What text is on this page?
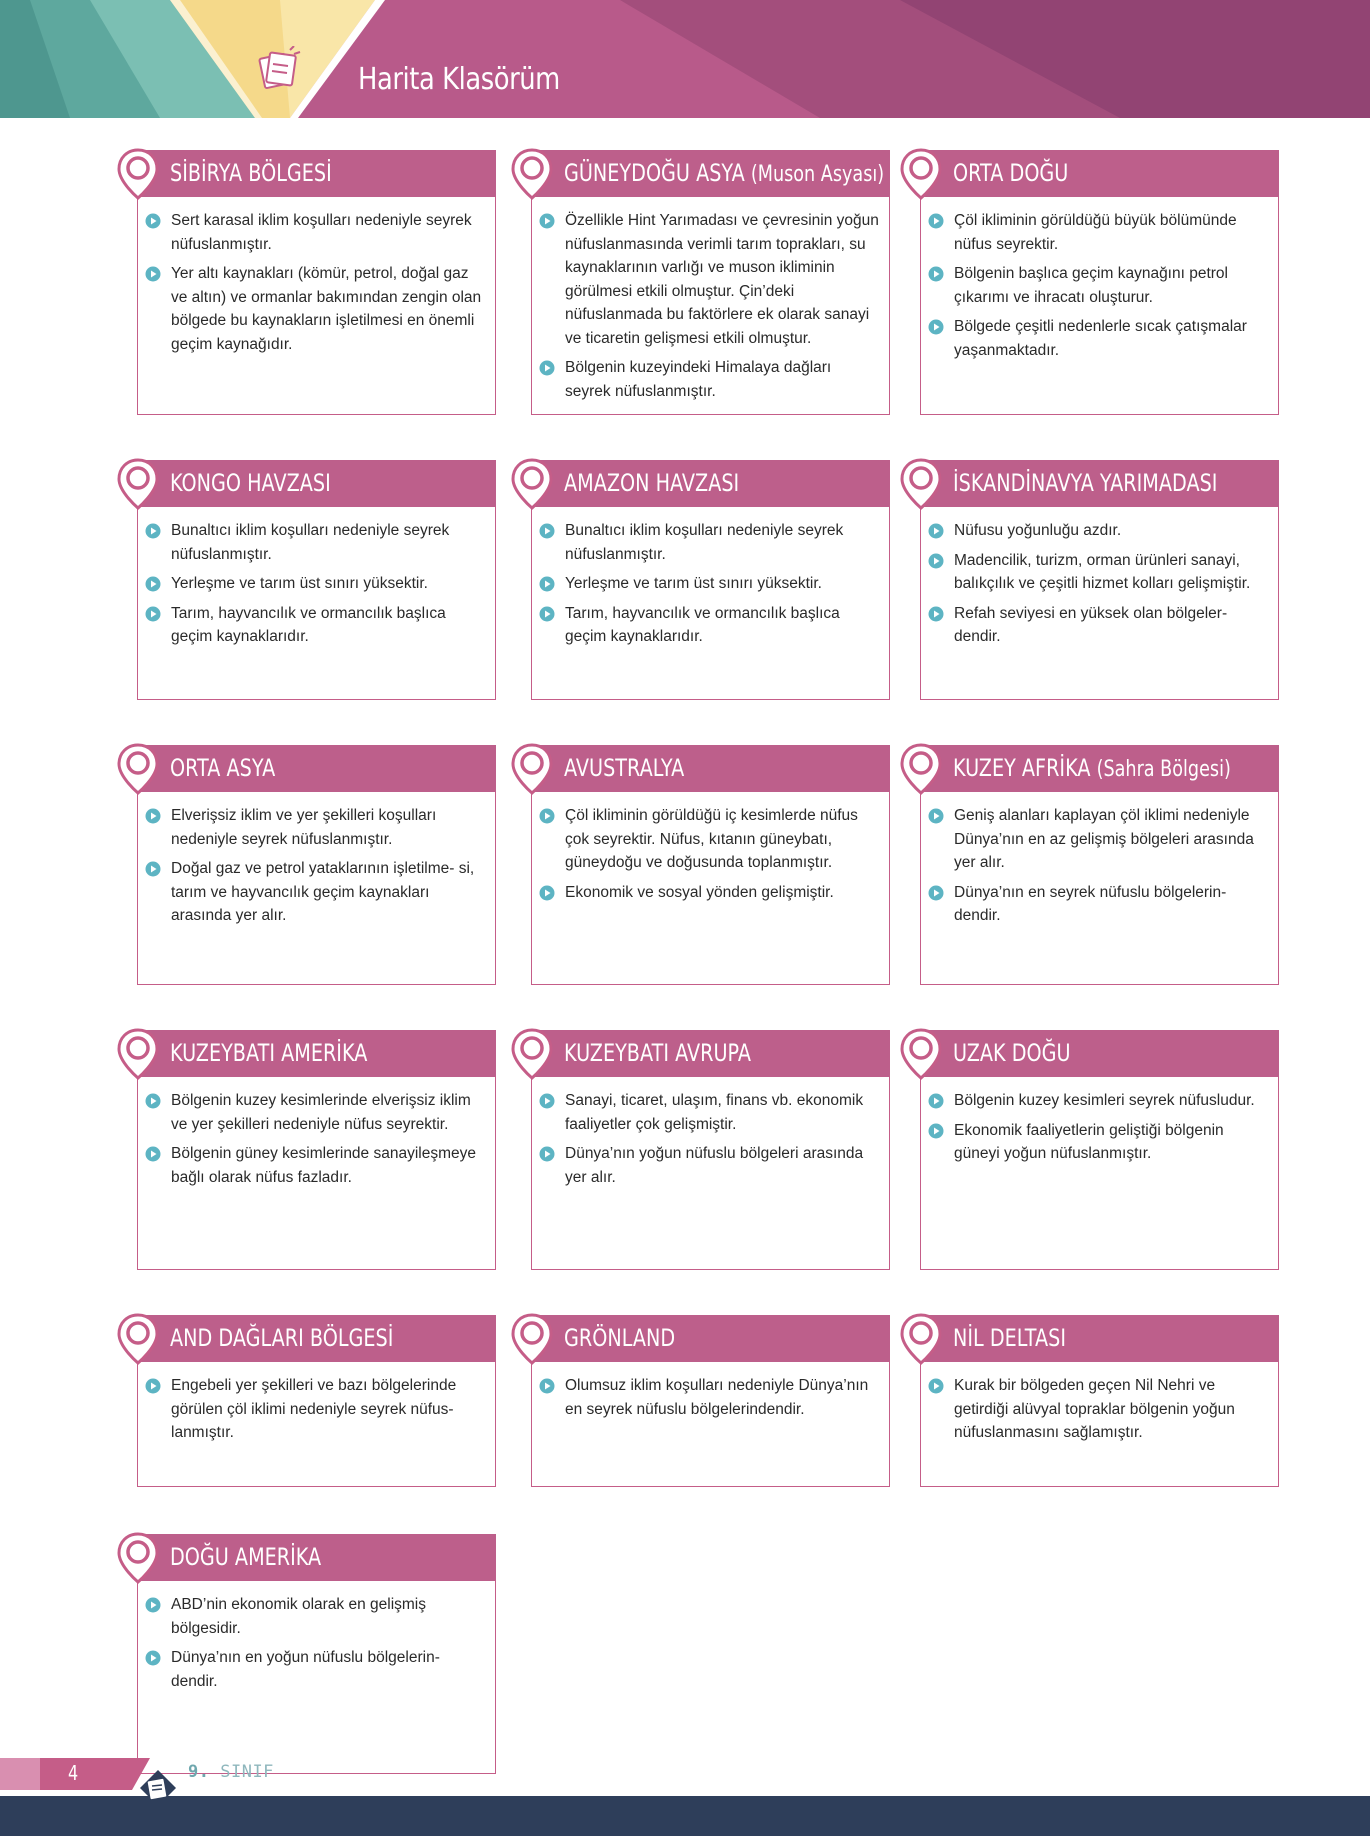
Harita Klasörüm
SİBİRYA BÖLGESİ
Sert karasal iklim koşulları nedeniyle seyrek nüfuslanmıştır.
Yer altı kaynakları (kömür, petrol, doğal gaz ve altın) ve ormanlar bakımından zengin olan bölgede bu kaynakların işletilmesi en önemli geçim kaynağıdır.
GÜNEYDOĞU ASYA (Muson Asyası)
Özellikle Hint Yarımadası ve çevresinin yoğun nüfuslanmasında verimli tarım toprakları, su kaynaklarının varlığı ve muson ikliminin görülmesi etkili olmuştur. Çin’deki nüfuslanmada bu faktörlere ek olarak sanayi ve ticaretin gelişmesi etkili olmuştur.
Bölgenin kuzeyindeki Himalaya dağları seyrek nüfuslanmıştır.
ORTA DOĞU
Çöl ikliminin görüldüğü büyük bölümünde nüfus seyrektir.
Bölgenin başlıca geçim kaynağını petrol çıkarımı ve ihracatı oluşturur.
Bölgede çeşitli nedenlerle sıcak çatışmalar yaşanmaktadır.
KONGO HAVZASI
Bunaltıcı iklim koşulları nedeniyle seyrek nüfuslanmıştır.
Yerleşme ve tarım üst sınırı yüksektir.
Tarım, hayvancılık ve ormancılık başlıca geçim kaynaklarıdır.
AMAZON HAVZASI
Bunaltıcı iklim koşulları nedeniyle seyrek nüfuslanmıştır.
Yerleşme ve tarım üst sınırı yüksektir.
Tarım, hayvancılık ve ormancılık başlıca geçim kaynaklarıdır.
İSKANDİNAVYA YARIMADASI
Nüfusu yoğunluğu azdır.
Madencilik, turizm, orman ürünleri sanayi, balıkçılık ve çeşitli hizmet kolları gelişmiştir.
Refah seviyesi en yüksek olan bölgeler- dendir.
ORTA ASYA
Elverişsiz iklim ve yer şekilleri koşulları nedeniyle seyrek nüfuslanmıştır.
Doğal gaz ve petrol yataklarının işletilme- si, tarım ve hayvancılık geçim kaynakları arasında yer alır.
AVUSTRALYA
Çöl ikliminin görüldüğü iç kesimlerde nüfus çok seyrektir. Nüfus, kıtanın güneybatı, güneydoğu ve doğusunda toplanmıştır.
Ekonomik ve sosyal yönden gelişmiştir.
KUZEY AFRİKA (Sahra Bölgesi)
Geniş alanları kaplayan çöl iklimi nedeniyle Dünya’nın en az gelişmiş bölgeleri arasında yer alır.
Dünya’nın en seyrek nüfuslu bölgelerin- dendir.
KUZEYBATI AMERİKA
Bölgenin kuzey kesimlerinde elverişsiz iklim ve yer şekilleri nedeniyle nüfus seyrektir.
Bölgenin güney kesimlerinde sanayileşmeye bağlı olarak nüfus fazladır.
KUZEYBATI AVRUPA
Sanayi, ticaret, ulaşım, finans vb. ekonomik faaliyetler çok gelişmiştir.
Dünya’nın yoğun nüfuslu bölgeleri arasında yer alır.
UZAK DOĞU
Bölgenin kuzey kesimleri seyrek nüfusludur.
Ekonomik faaliyetlerin geliştiği bölgenin güneyi yoğun nüfuslanmıştır.
AND DAĞLARI BÖLGESİ
Engebeli yer şekilleri ve bazı bölgelerinde görülen çöl iklimi nedeniyle seyrek nüfus- lanmıştır.
GRÖNLAND
Olumsuz iklim koşulları nedeniyle Dünya’nın en seyrek nüfuslu bölgelerindendir.
NİL DELTASI
Kurak bir bölgeden geçen Nil Nehri ve getirdiği alüvyal topraklar bölgenin yoğun nüfuslanmasını sağlamıştır.
DOĞU AMERİKA
ABD’nin ekonomik olarak en gelişmiş bölgesidir.
Dünya’nın en yoğun nüfuslu bölgelerin- dendir.
4	9. SINIF
